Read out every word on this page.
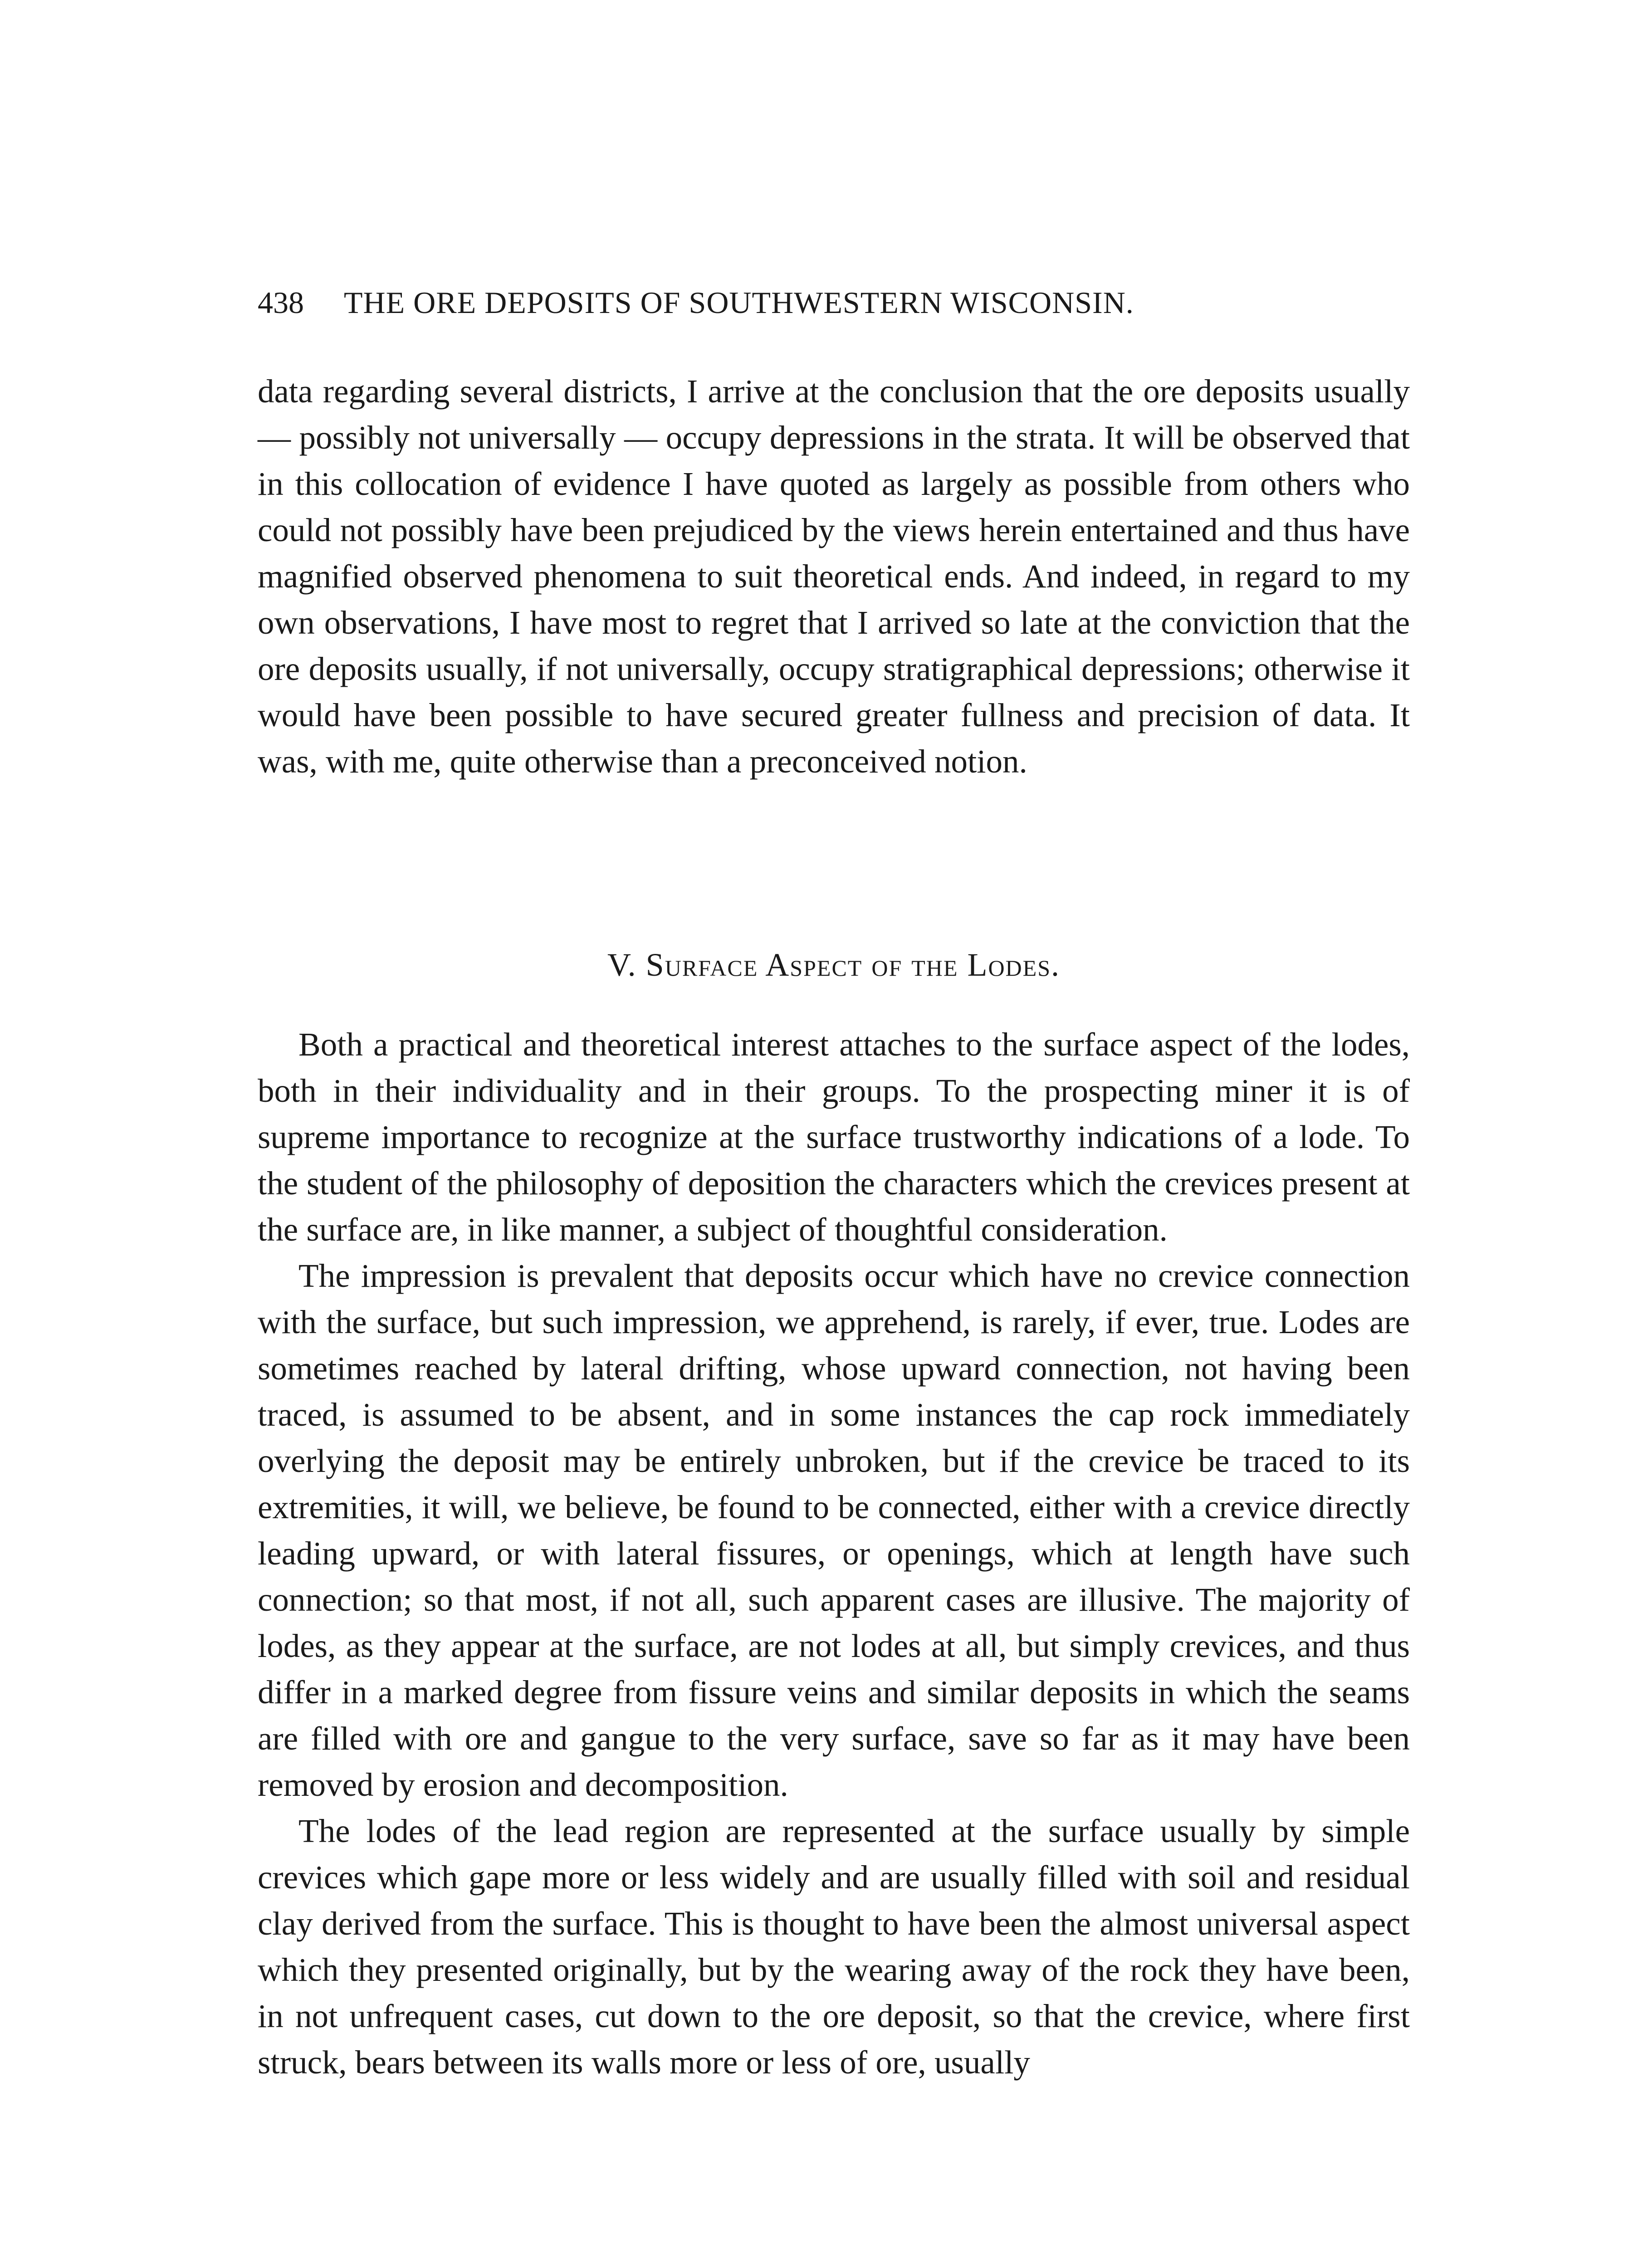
438 THE ORE DEPOSITS OF SOUTHWESTERN WISCONSIN.

data regarding several districts, I arrive at the conclusion that the ore deposits usually — possibly not universally — occupy depressions in the strata. It will be observed that in this collocation of evidence I have quoted as largely as possible from others who could not possibly have been prejudiced by the views herein entertained and thus have magnified observed phenomena to suit theoretical ends. And indeed, in regard to my own observations, I have most to regret that I arrived so late at the conviction that the ore deposits usually, if not universally, occupy stratigraphical depressions; otherwise it would have been possible to have secured greater fullness and precision of data. It was, with me, quite otherwise than a preconceived notion.

V. Surface Aspect of the Lodes.

Both a practical and theoretical interest attaches to the surface aspect of the lodes, both in their individuality and in their groups. To the prospecting miner it is of supreme importance to recognize at the surface trustworthy indications of a lode. To the student of the philosophy of deposition the characters which the crevices present at the surface are, in like manner, a subject of thoughtful consideration.

The impression is prevalent that deposits occur which have no crevice connection with the surface, but such impression, we apprehend, is rarely, if ever, true. Lodes are sometimes reached by lateral drifting, whose upward connection, not having been traced, is assumed to be absent, and in some instances the cap rock immediately overlying the deposit may be entirely unbroken, but if the crevice be traced to its extremities, it will, we believe, be found to be connected, either with a crevice directly leading upward, or with lateral fissures, or openings, which at length have such connection; so that most, if not all, such apparent cases are illusive. The majority of lodes, as they appear at the surface, are not lodes at all, but simply crevices, and thus differ in a marked degree from fissure veins and similar deposits in which the seams are filled with ore and gangue to the very surface, save so far as it may have been removed by erosion and decomposition.

The lodes of the lead region are represented at the surface usually by simple crevices which gape more or less widely and are usually filled with soil and residual clay derived from the surface. This is thought to have been the almost universal aspect which they presented originally, but by the wearing away of the rock they have been, in not unfrequent cases, cut down to the ore deposit, so that the crevice, where first struck, bears between its walls more or less of ore, usually
